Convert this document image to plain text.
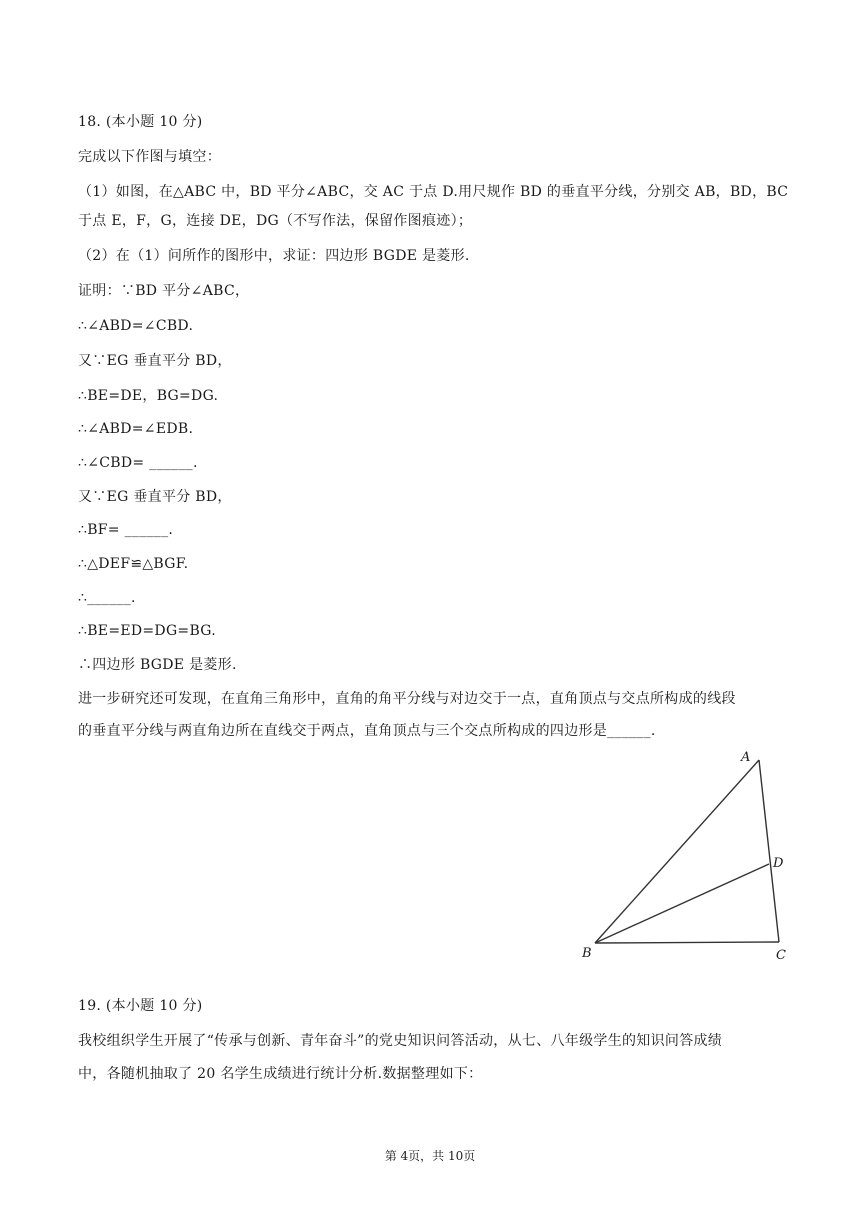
18. (本小题 10 分)
完成以下作图与填空：
（1）如图，在△ABC 中，BD 平分∠ABC，交 AC 于点 D.用尺规作 BD 的垂直平分线，分别交 AB，BD，BC
于点 E，F，G，连接 DE，DG（不写作法，保留作图痕迹）；
（2）在（1）问所作的图形中，求证：四边形 BGDE 是菱形.
证明：∵BD 平分∠ABC，
∴∠ABD=∠CBD.
又∵EG 垂直平分 BD，
∴BE=DE，BG=DG.
∴∠ABD=∠EDB.
∴∠CBD= ______.
又∵EG 垂直平分 BD，
∴BF= ______.
∴△DEF≌△BGF.
∴______.
∴BE=ED=DG=BG.
∴四边形 BGDE 是菱形.
进一步研究还可发现，在直角三角形中，直角的角平分线与对边交于一点，直角顶点与交点所构成的线段
的垂直平分线与两直角边所在直线交于两点，直角顶点与三个交点所构成的四边形是______.
A
B	C
D
19. (本小题 10 分)
我校组织学生开展了“传承与创新、青年奋斗”的党史知识问答活动，从七、八年级学生的知识问答成绩
中，各随机抽取了 20 名学生成绩进行统计分析.数据整理如下：
第 4页，共 10页
